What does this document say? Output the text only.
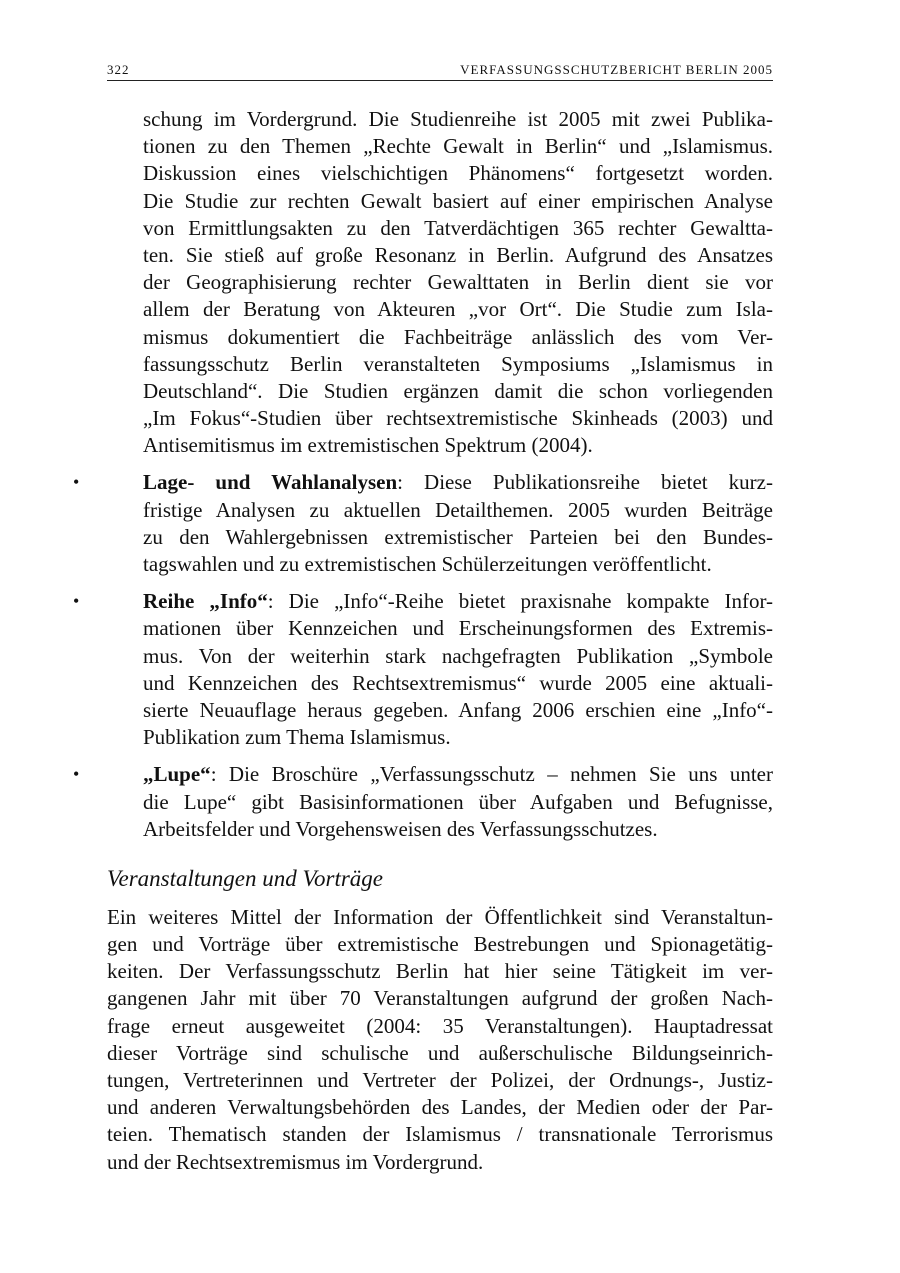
322	VERFASSUNGSSCHUTZBERICHT BERLIN 2005
schung im Vordergrund. Die Studienreihe ist 2005 mit zwei Publika-
tionen zu den Themen „Rechte Gewalt in Berlin“ und „Islamismus.
Diskussion eines vielschichtigen Phänomens“ fortgesetzt worden.
Die Studie zur rechten Gewalt basiert auf einer empirischen Analyse
von Ermittlungsakten zu den Tatverdächtigen 365 rechter Gewaltta-
ten. Sie stieß auf große Resonanz in Berlin. Aufgrund des Ansatzes
der Geographisierung rechter Gewalttaten in Berlin dient sie vor
allem der Beratung von Akteuren „vor Ort“. Die Studie zum Isla-
mismus dokumentiert die Fachbeiträge anlässlich des vom Ver-
fassungsschutz Berlin veranstalteten Symposiums „Islamismus in
Deutschland“. Die Studien ergänzen damit die schon vorliegenden
„Im Fokus“-Studien über rechtsextremistische Skinheads (2003) und
Antisemitismus im extremistischen Spektrum (2004).
•	Lage- und Wahlanalysen: Diese Publikationsreihe bietet kurz-
fristige Analysen zu aktuellen Detailthemen. 2005 wurden Beiträge
zu den Wahlergebnissen extremistischer Parteien bei den Bundes-
tagswahlen und zu extremistischen Schülerzeitungen veröffentlicht.
•	Reihe „Info“: Die „Info“-Reihe bietet praxisnahe kompakte Infor-
mationen über Kennzeichen und Erscheinungsformen des Extremis-
mus. Von der weiterhin stark nachgefragten Publikation „Symbole
und Kennzeichen des Rechtsextremismus“ wurde 2005 eine aktuali-
sierte Neuauflage heraus gegeben. Anfang 2006 erschien eine „Info“-
Publikation zum Thema Islamismus.
•	„Lupe“: Die Broschüre „Verfassungsschutz – nehmen Sie uns unter
die Lupe“ gibt Basisinformationen über Aufgaben und Befugnisse,
Arbeitsfelder und Vorgehensweisen des Verfassungsschutzes.
Veranstaltungen und Vorträge
Ein weiteres Mittel der Information der Öffentlichkeit sind Veranstaltun-
gen und Vorträge über extremistische Bestrebungen und Spionagetätig-
keiten. Der Verfassungsschutz Berlin hat hier seine Tätigkeit im ver-
gangenen Jahr mit über 70 Veranstaltungen aufgrund der großen Nach-
frage erneut ausgeweitet (2004: 35 Veranstaltungen). Hauptadressat
dieser Vorträge sind schulische und außerschulische Bildungseinrich-
tungen, Vertreterinnen und Vertreter der Polizei, der Ordnungs-, Justiz-
und anderen Verwaltungsbehörden des Landes, der Medien oder der Par-
teien. Thematisch standen der Islamismus / transnationale Terrorismus
und der Rechtsextremismus im Vordergrund.
